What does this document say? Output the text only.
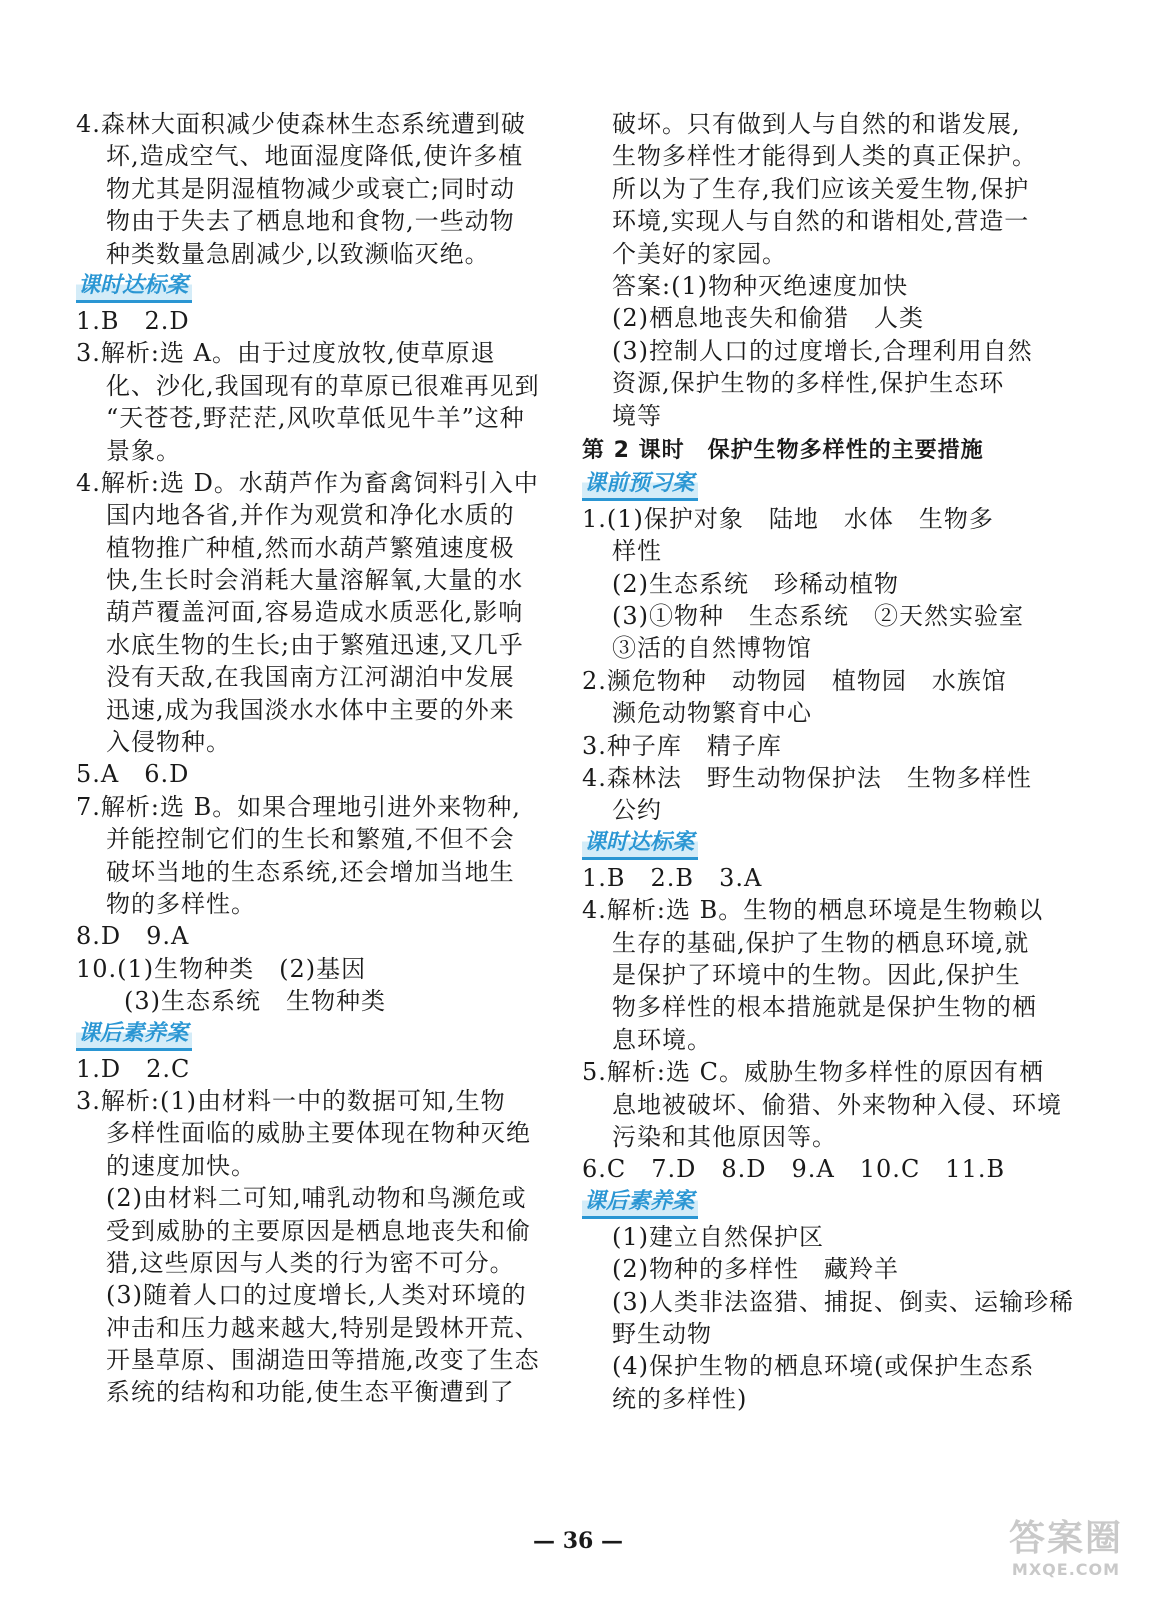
4.森林大面积减少使森林生态系统遭到破
坏,造成空气、地面湿度降低,使许多植
物尤其是阴湿植物减少或衰亡;同时动
物由于失去了栖息地和食物,一些动物
种类数量急剧减少,以致濒临灭绝。
课时达标案
1.B　2.D
3.解析:选 A。由于过度放牧,使草原退
化、沙化,我国现有的草原已很难再见到
“天苍苍,野茫茫,风吹草低见牛羊”这种
景象。
4.解析:选 D。水葫芦作为畜禽饲料引入中
国内地各省,并作为观赏和净化水质的
植物推广种植,然而水葫芦繁殖速度极
快,生长时会消耗大量溶解氧,大量的水
葫芦覆盖河面,容易造成水质恶化,影响
水底生物的生长;由于繁殖迅速,又几乎
没有天敌,在我国南方江河湖泊中发展
迅速,成为我国淡水水体中主要的外来
入侵物种。
5.A　6.D
7.解析:选 B。如果合理地引进外来物种,
并能控制它们的生长和繁殖,不但不会
破坏当地的生态系统,还会增加当地生
物的多样性。
8.D　9.A
10.(1)生物种类　(2)基因
(3)生态系统　生物种类
课后素养案
1.D　2.C
3.解析:(1)由材料一中的数据可知,生物
多样性面临的威胁主要体现在物种灭绝
的速度加快。
(2)由材料二可知,哺乳动物和鸟濒危或
受到威胁的主要原因是栖息地丧失和偷
猎,这些原因与人类的行为密不可分。
(3)随着人口的过度增长,人类对环境的
冲击和压力越来越大,特别是毁林开荒、
开垦草原、围湖造田等措施,改变了生态
系统的结构和功能,使生态平衡遭到了
破坏。只有做到人与自然的和谐发展,
生物多样性才能得到人类的真正保护。
所以为了生存,我们应该关爱生物,保护
环境,实现人与自然的和谐相处,营造一
个美好的家园。
答案:(1)物种灭绝速度加快
(2)栖息地丧失和偷猎　人类
(3)控制人口的过度增长,合理利用自然
资源,保护生物的多样性,保护生态环
境等
第 2 课时　保护生物多样性的主要措施
课前预习案
1.(1)保护对象　陆地　水体　生物多
样性
(2)生态系统　珍稀动植物
(3)①物种　生态系统　②天然实验室
③活的自然博物馆
2.濒危物种　动物园　植物园　水族馆
濒危动物繁育中心
3.种子库　精子库
4.森林法　野生动物保护法　生物多样性
公约
课时达标案
1.B　2.B　3.A
4.解析:选 B。生物的栖息环境是生物赖以
生存的基础,保护了生物的栖息环境,就
是保护了环境中的生物。因此,保护生
物多样性的根本措施就是保护生物的栖
息环境。
5.解析:选 C。威胁生物多样性的原因有栖
息地被破坏、偷猎、外来物种入侵、环境
污染和其他原因等。
6.C　7.D　8.D　9.A　10.C　11.B
课后素养案
(1)建立自然保护区
(2)物种的多样性　藏羚羊
(3)人类非法盗猎、捕捉、倒卖、运输珍稀
野生动物
(4)保护生物的栖息环境(或保护生态系
统的多样性)
— 36 —	答案圈
MXQE.COM
